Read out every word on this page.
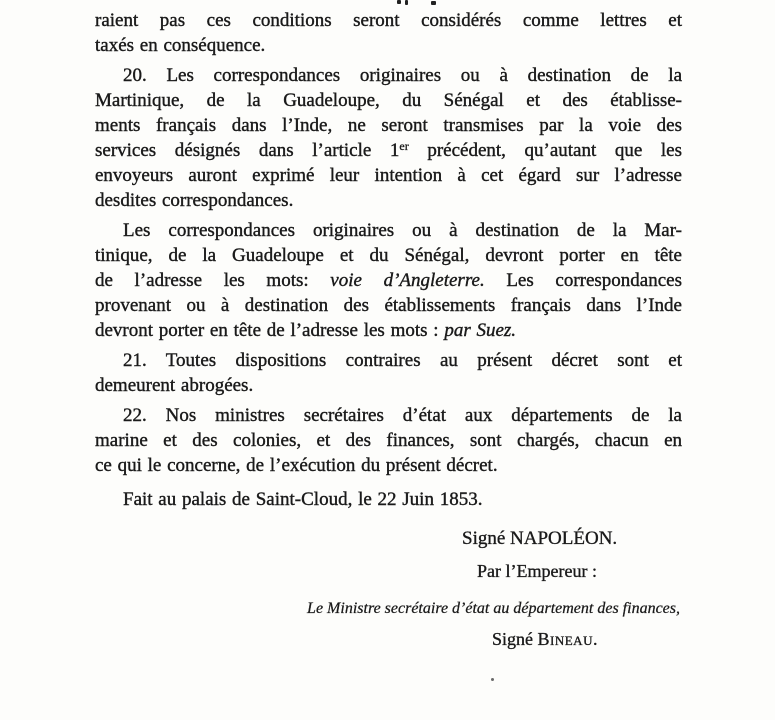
raient pas ces conditions seront considérés comme lettres et
taxés en conséquence.
20. Les correspondances originaires ou à destination de la
Martinique, de la Guadeloupe, du Sénégal et des établisse-
ments français dans l’Inde, ne seront transmises par la voie des
services désignés dans l’article 1er précédent, qu’autant que les
envoyeurs auront exprimé leur intention à cet égard sur l’adresse
desdites correspondances.
Les correspondances originaires ou à destination de la Mar-
tinique, de la Guadeloupe et du Sénégal, devront porter en tête
de l’adresse les mots: voie d’Angleterre. Les correspondances
provenant ou à destination des établissements français dans l’Inde
devront porter en tête de l’adresse les mots : par Suez.
21. Toutes dispositions contraires au présent décret sont et
demeurent abrogées.
22. Nos ministres secrétaires d’état aux départements de la
marine et des colonies, et des finances, sont chargés, chacun en
ce qui le concerne, de l’exécution du présent décret.
Fait au palais de Saint-Cloud, le 22 Juin 1853.
Signé NAPOLÉON.
Par l’Empereur :
Le Ministre secrétaire d’état au département des finances,
Signé Bineau.
